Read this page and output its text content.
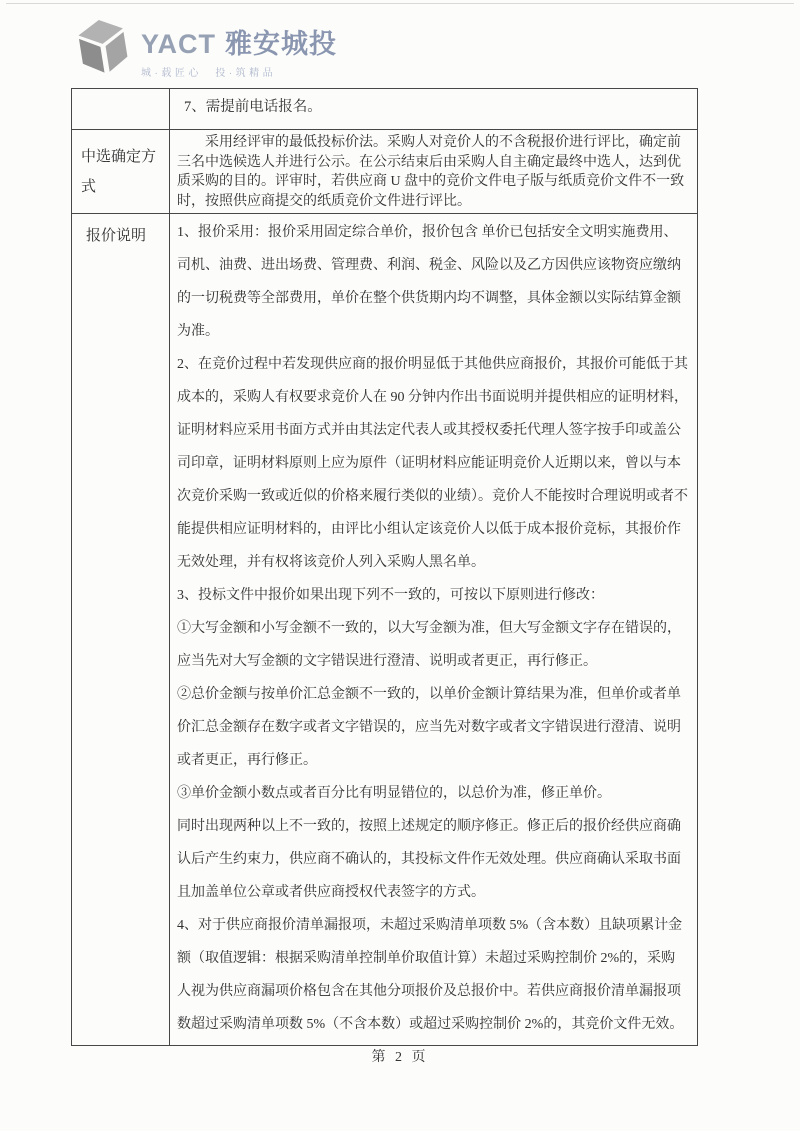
YACT 雅安城投
城·载匠心　投·筑精品
7、需提前电话报名。
中选确定方式
采用经评审的最低投标价法。采购人对竞价人的不含税报价进行评比，确定前三名中选候选人并进行公示。在公示结束后由采购人自主确定最终中选人，达到优质采购的目的。评审时，若供应商 U 盘中的竞价文件电子版与纸质竞价文件不一致时，按照供应商提交的纸质竞价文件进行评比。
报价说明	1、报价采用：报价采用固定综合单价，报价包含 单价已包括安全文明实施费用、司机、油费、进出场费、管理费、利润、税金、风险以及乙方因供应该物资应缴纳的一切税费等全部费用，单价在整个供货期内均不调整，具体金额以实际结算金额为准。

2、在竞价过程中若发现供应商的报价明显低于其他供应商报价，其报价可能低于其成本的，采购人有权要求竞价人在 90 分钟内作出书面说明并提供相应的证明材料，证明材料应采用书面方式并由其法定代表人或其授权委托代理人签字按手印或盖公司印章，证明材料原则上应为原件（证明材料应能证明竞价人近期以来，曾以与本次竞价采购一致或近似的价格来履行类似的业绩）。竞价人不能按时合理说明或者不能提供相应证明材料的，由评比小组认定该竞价人以低于成本报价竞标，其报价作无效处理，并有权将该竞价人列入采购人黑名单。

3、投标文件中报价如果出现下列不一致的，可按以下原则进行修改：

①大写金额和小写金额不一致的，以大写金额为准，但大写金额文字存在错误的，应当先对大写金额的文字错误进行澄清、说明或者更正，再行修正。

②总价金额与按单价汇总金额不一致的，以单价金额计算结果为准，但单价或者单价汇总金额存在数字或者文字错误的，应当先对数字或者文字错误进行澄清、说明或者更正，再行修正。

③单价金额小数点或者百分比有明显错位的，以总价为准，修正单价。

同时出现两种以上不一致的，按照上述规定的顺序修正。修正后的报价经供应商确认后产生约束力，供应商不确认的，其投标文件作无效处理。供应商确认采取书面且加盖单位公章或者供应商授权代表签字的方式。

4、对于供应商报价清单漏报项，未超过采购清单项数 5%（含本数）且缺项累计金额（取值逻辑：根据采购清单控制单价取值计算）未超过采购控制价 2%的，采购人视为供应商漏项价格包含在其他分项报价及总报价中。若供应商报价清单漏报项数超过采购清单项数 5%（不含本数）或超过采购控制价 2%的，其竞价文件无效。

第 2 页
